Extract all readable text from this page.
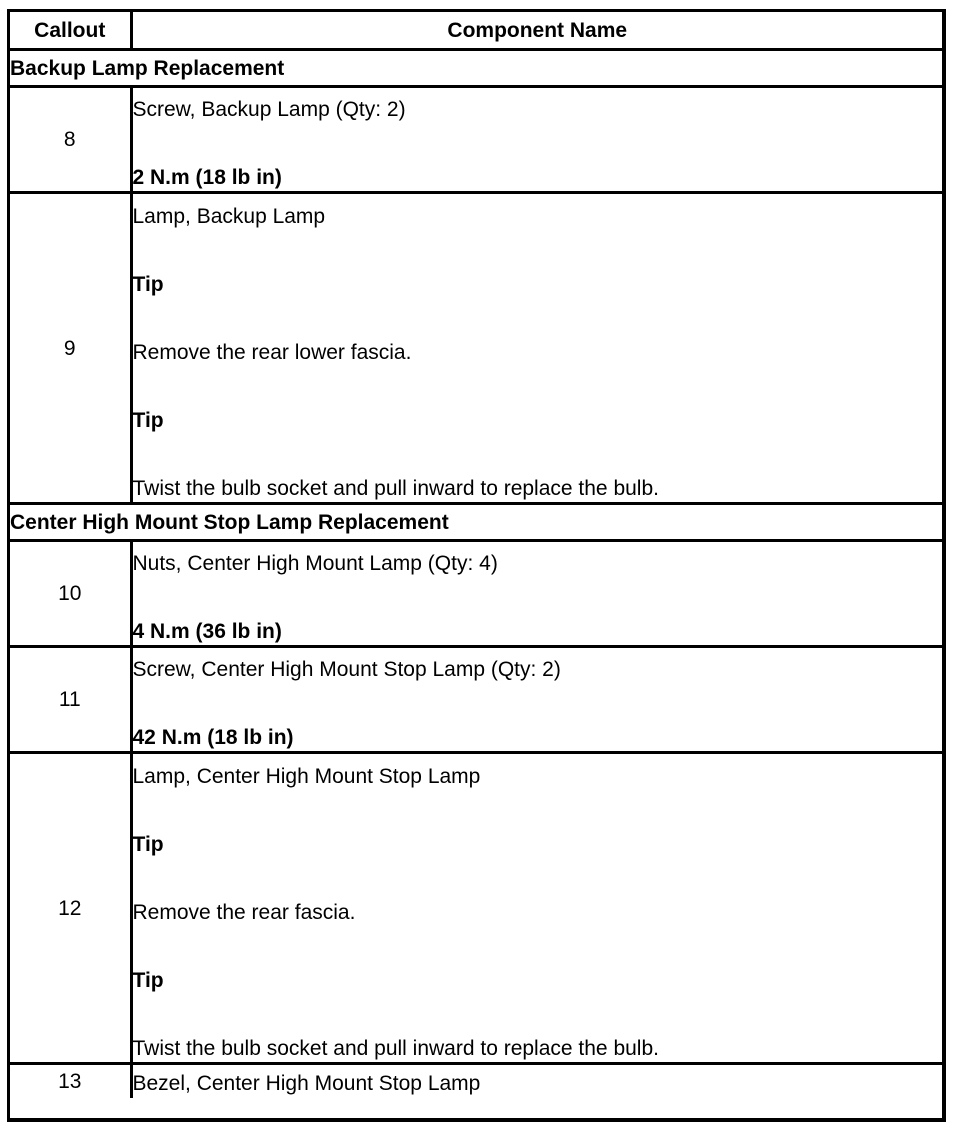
Callout	Component Name
Backup Lamp Replacement	
8	Screw, Backup Lamp (Qty: 2)
2 N.m (18 lb in)

9	Lamp, Backup Lamp
Tip
Remove the rear lower fascia.
Tip
Twist the bulb socket and pull inward to replace the bulb.

Center High Mount Stop Lamp Replacement	
10	Nuts, Center High Mount Lamp (Qty: 4)
4 N.m (36 lb in)

11	Screw, Center High Mount Stop Lamp (Qty: 2)
42 N.m (18 lb in)

12	Lamp, Center High Mount Stop Lamp
Tip
Remove the rear fascia.
Tip
Twist the bulb socket and pull inward to replace the bulb.

13	Bezel, Center High Mount Stop Lamp
